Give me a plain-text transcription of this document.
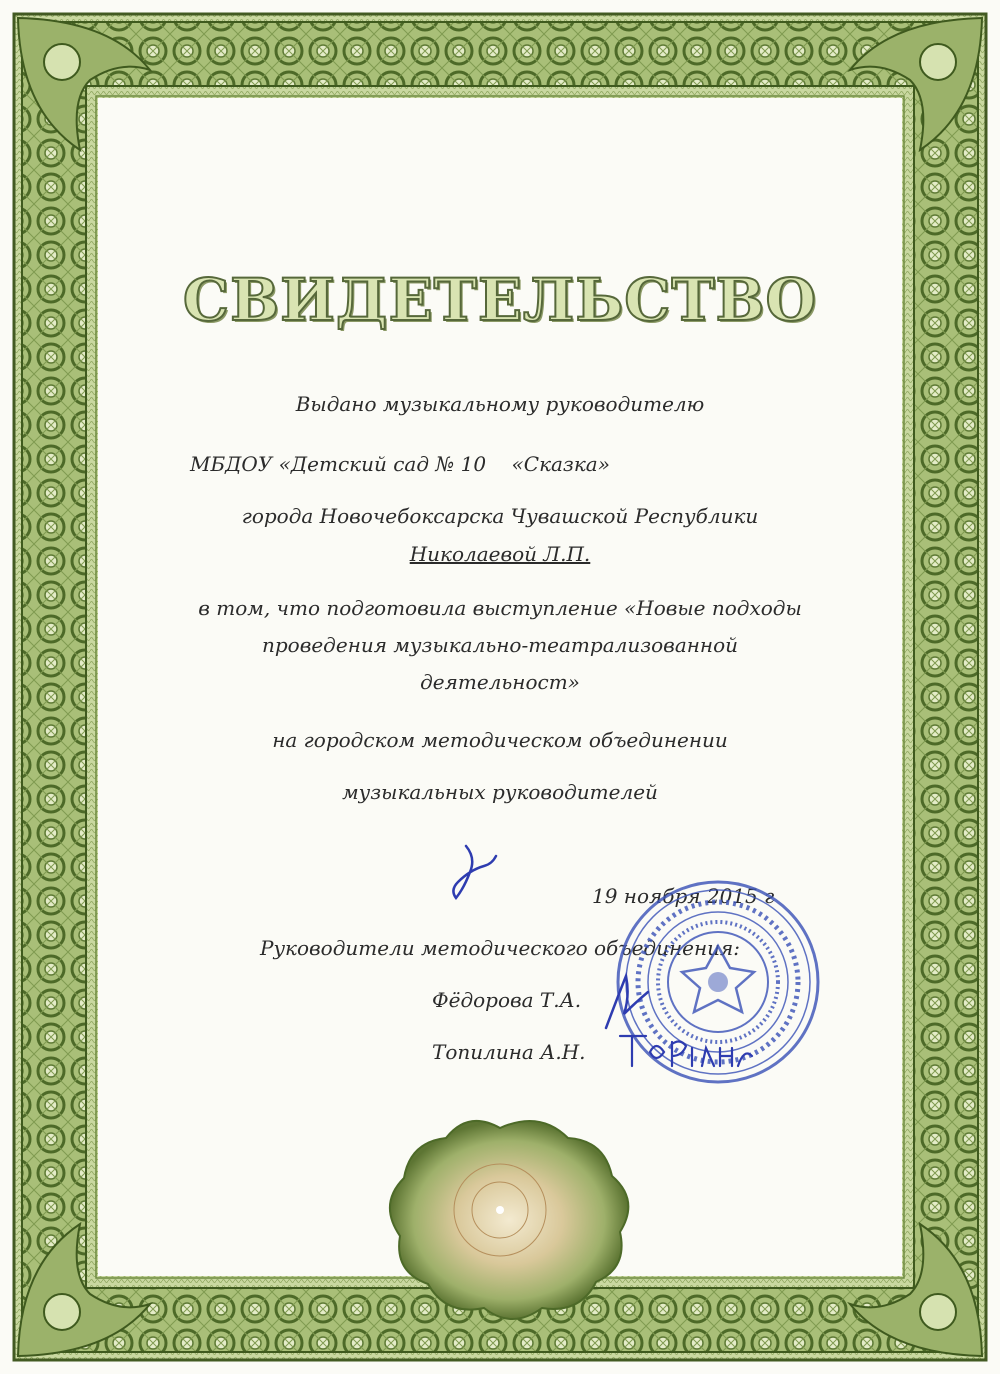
СВИДЕТЕЛЬСТВО
Выдано музыкальному руководителю
МБДОУ «Детский сад № 10    «Сказка»
города Новочебоксарска Чувашской Республики
Николаевой Л.П.
в том, что подготовила выступление «Новые подходы
проведения музыкально-театрализованной
деятельност»
на городском методическом объединении
музыкальных руководителей
19 ноября 2015 г
Руководители методического объединения:
Фёдорова Т.А.
Топилина А.Н.
